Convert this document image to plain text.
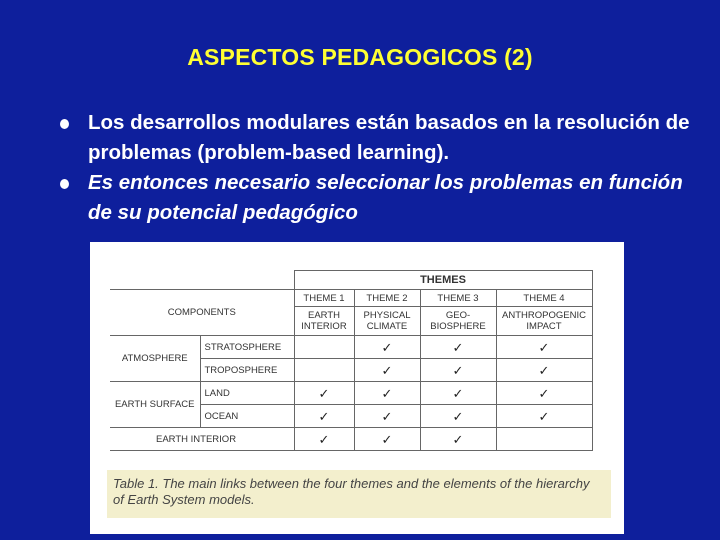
ASPECTOS PEDAGOGICOS (2)
Los desarrollos modulares están basados en la resolución de problemas (problem-based learning).
Es entonces necesario seleccionar los problemas en función de su potencial pedagógico
		THEMES			
COMPONENTS		THEME 1	THEME 2	THEME 3	THEME 4
		EARTH INTERIOR	PHYSICAL CLIMATE	GEO- BIOSPHERE	ANTHROPOGENIC IMPACT
ATMOSPHERE	STRATOSPHERE		✓	✓	✓
	TROPOSPHERE		✓	✓	✓
EARTH SURFACE	LAND	✓	✓	✓	✓
	OCEAN	✓	✓	✓	✓
EARTH INTERIOR		✓	✓	✓	
Table 1. The main links between the four themes and the elements of the hierarchy of Earth System models.
